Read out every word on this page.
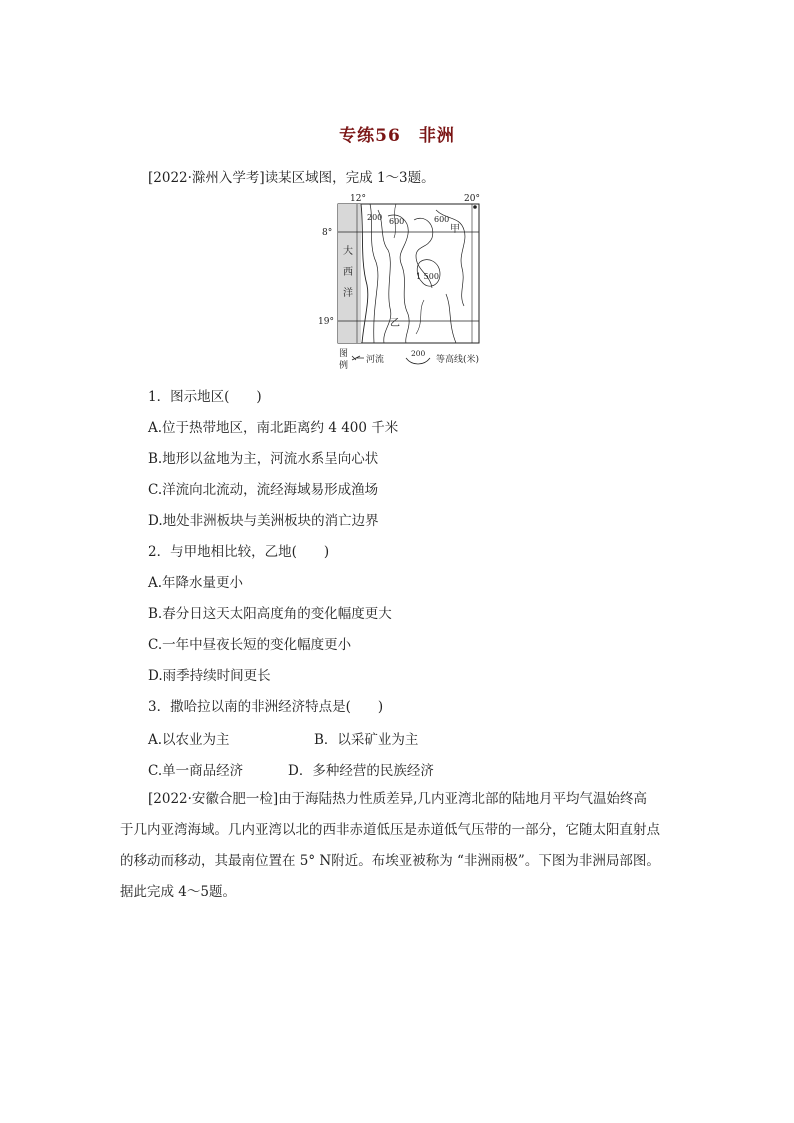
专练56　非洲
[2022·滁州入学考]读某区域图，完成 1～3题。
12°	20°
8°
19°
大
西
洋
200 600	600
1 500
甲
乙
图
例
河流
200
等高线(米)
1．图示地区(　　)
A.位于热带地区，南北距离约 4 400 千米
B.地形以盆地为主，河流水系呈向心状
C.洋流向北流动，流经海域易形成渔场
D.地处非洲板块与美洲板块的消亡边界
2．与甲地相比较，乙地(　　)
A.年降水量更小
B.春分日这天太阳高度角的变化幅度更大
C.一年中昼夜长短的变化幅度更小
D.雨季持续时间更长
3．撒哈拉以南的非洲经济特点是(　　)
A.以农业为主	B．以采矿业为主
C.单一商品经济	D．多种经营的民族经济
[2022·安徽合肥一检]由于海陆热力性质差异,几内亚湾北部的陆地月平均气温始终高
于几内亚湾海域。几内亚湾以北的西非赤道低压是赤道低气压带的一部分，它随太阳直射点
的移动而移动，其最南位置在 5° N附近。布埃亚被称为 “非洲雨极”。下图为非洲局部图。
据此完成 4～5题。
